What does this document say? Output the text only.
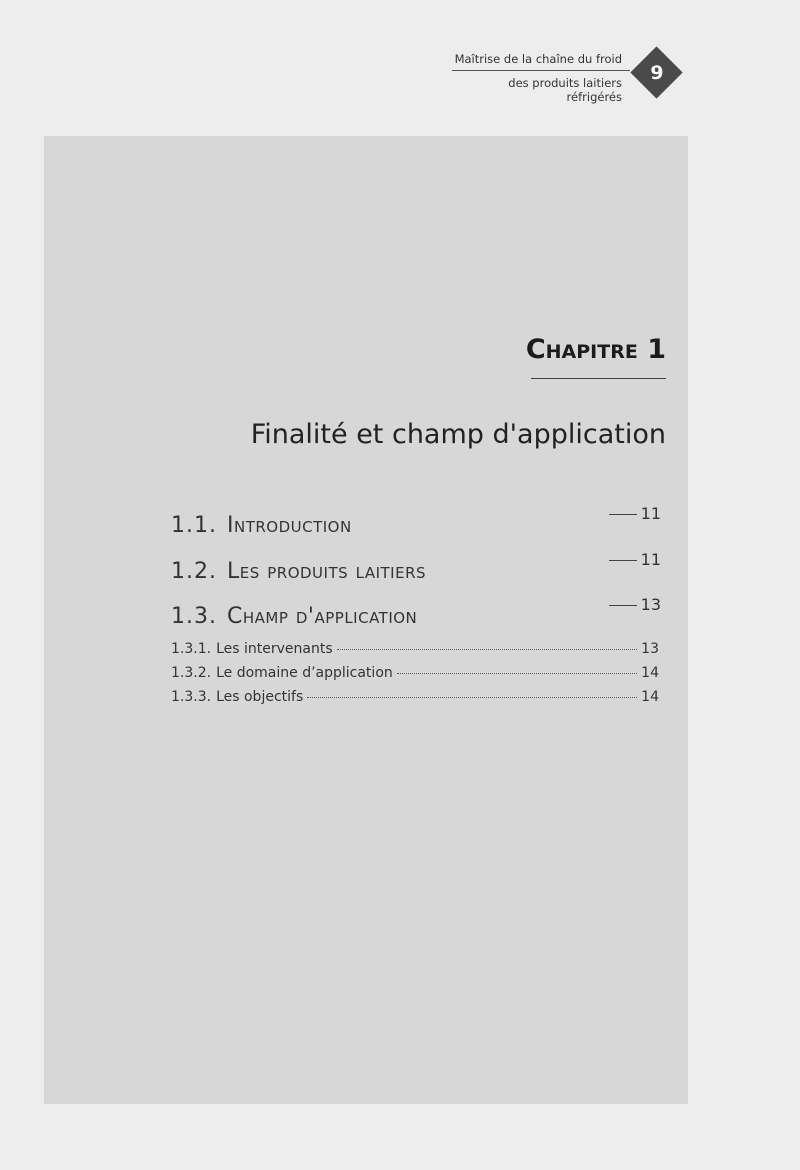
Maîtrise de la chaîne du froid
des produits laitiers réfrigérés
9
Chapitre 1
Finalité et champ d'application
1.1. Introduction	11
1.2. Les produits laitiers	11
1.3. Champ d'application	13
1.3.1. Les intervenants	13
1.3.2. Le domaine d’application	14
1.3.3. Les objectifs	14
